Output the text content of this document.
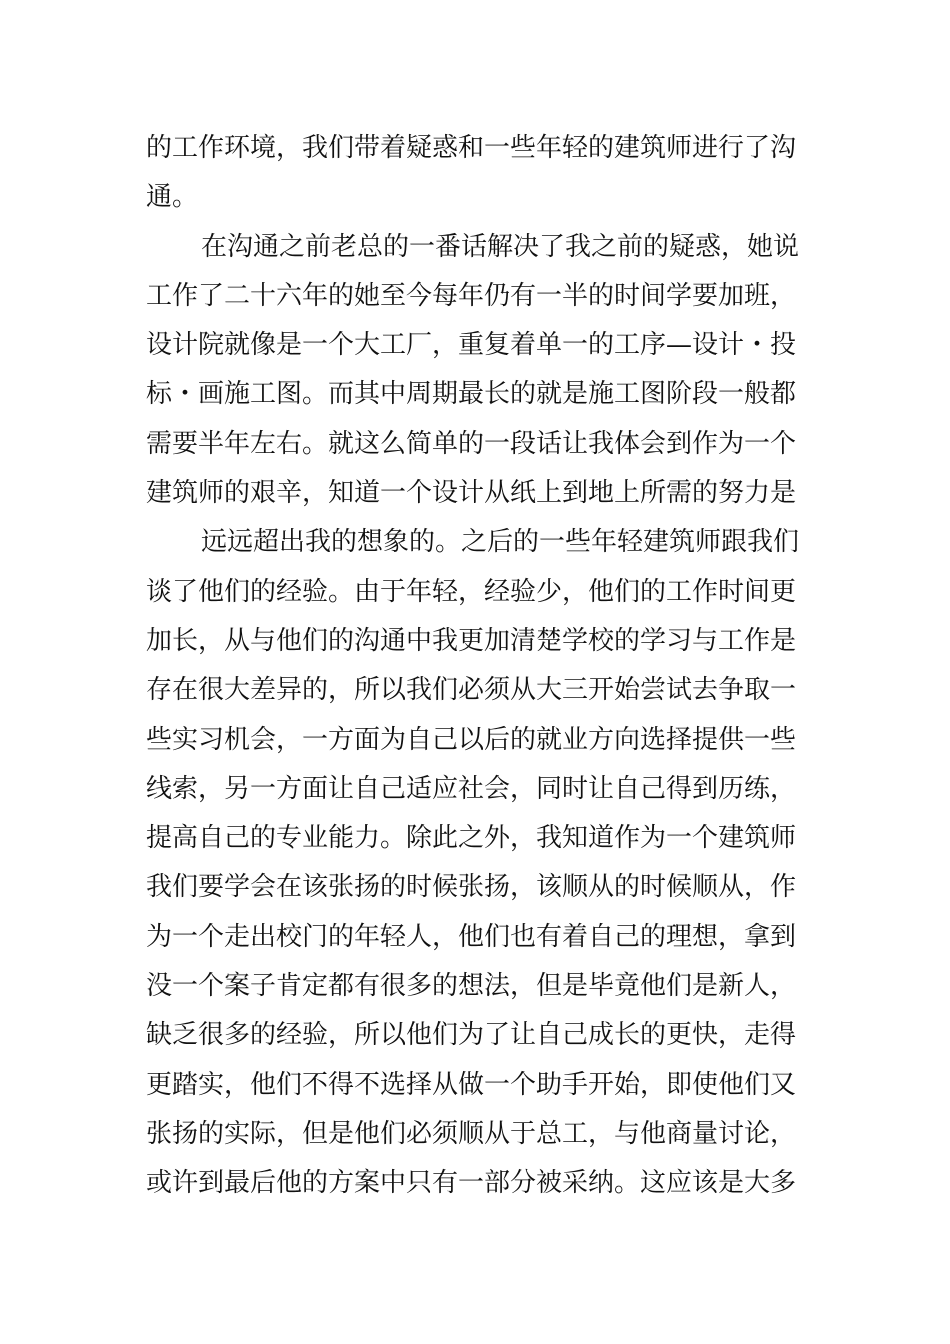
的工作环境，我们带着疑惑和一些年轻的建筑师进行了沟
通。
在沟通之前老总的一番话解决了我之前的疑惑，她说
工作了二十六年的她至今每年仍有一半的时间学要加班，
设计院就像是一个大工厂，重复着单一的工序—设计・投
标・画施工图。而其中周期最长的就是施工图阶段一般都
需要半年左右。就这么简单的一段话让我体会到作为一个
建筑师的艰辛，知道一个设计从纸上到地上所需的努力是
远远超出我的想象的。之后的一些年轻建筑师跟我们
谈了他们的经验。由于年轻，经验少，他们的工作时间更
加长，从与他们的沟通中我更加清楚学校的学习与工作是
存在很大差异的，所以我们必须从大三开始尝试去争取一
些实习机会，一方面为自己以后的就业方向选择提供一些
线索，另一方面让自己适应社会，同时让自己得到历练，
提高自己的专业能力。除此之外，我知道作为一个建筑师
我们要学会在该张扬的时候张扬，该顺从的时候顺从，作
为一个走出校门的年轻人，他们也有着自己的理想，拿到
没一个案子肯定都有很多的想法，但是毕竟他们是新人，
缺乏很多的经验，所以他们为了让自己成长的更快，走得
更踏实，他们不得不选择从做一个助手开始，即使他们又
张扬的实际，但是他们必须顺从于总工，与他商量讨论，
或许到最后他的方案中只有一部分被采纳。这应该是大多
